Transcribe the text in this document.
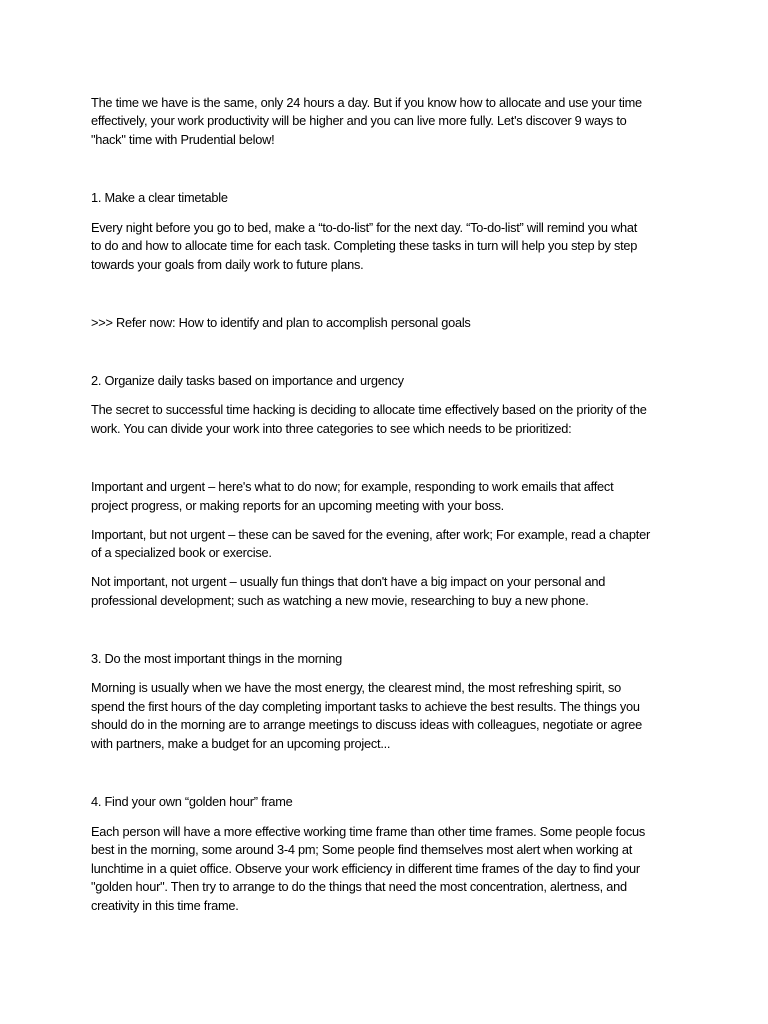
The time we have is the same, only 24 hours a day. But if you know how to allocate and use your time

effectively, your work productivity will be higher and you can live more fully. Let's discover 9 ways to

"hack" time with Prudential below!

1. Make a clear timetable

Every night before you go to bed, make a “to-do-list” for the next day. “To-do-list” will remind you what

to do and how to allocate time for each task. Completing these tasks in turn will help you step by step

towards your goals from daily work to future plans.

>>> Refer now: How to identify and plan to accomplish personal goals

2. Organize daily tasks based on importance and urgency

The secret to successful time hacking is deciding to allocate time effectively based on the priority of the

work. You can divide your work into three categories to see which needs to be prioritized:

Important and urgent – here's what to do now; for example, responding to work emails that affect

project progress, or making reports for an upcoming meeting with your boss.

Important, but not urgent – these can be saved for the evening, after work; For example, read a chapter

of a specialized book or exercise.

Not important, not urgent – usually fun things that don't have a big impact on your personal and

professional development; such as watching a new movie, researching to buy a new phone.

3. Do the most important things in the morning

Morning is usually when we have the most energy, the clearest mind, the most refreshing spirit, so

spend the first hours of the day completing important tasks to achieve the best results. The things you

should do in the morning are to arrange meetings to discuss ideas with colleagues, negotiate or agree

with partners, make a budget for an upcoming project...

4. Find your own “golden hour” frame

Each person will have a more effective working time frame than other time frames. Some people focus

best in the morning, some around 3-4 pm; Some people find themselves most alert when working at

lunchtime in a quiet office. Observe your work efficiency in different time frames of the day to find your

"golden hour". Then try to arrange to do the things that need the most concentration, alertness, and

creativity in this time frame.
